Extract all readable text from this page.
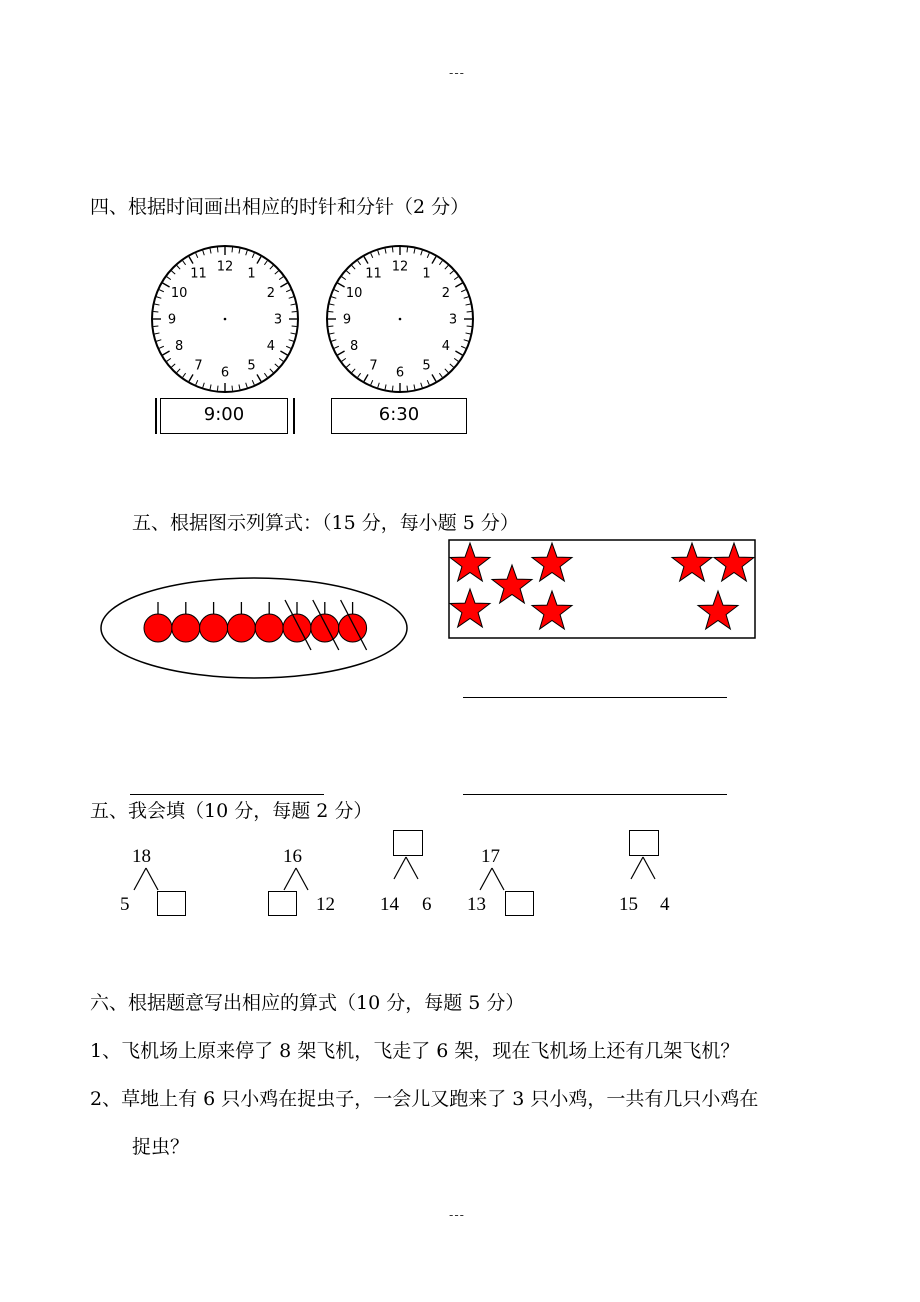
---
---
四、根据时间画出相应的时针和分针（2 分）
12 1
2
3
4
5
6
7
8
9
10
11	12 1
2
3
4
5
6
7
8
9
10
11
9:00	6:30
五、根据图示列算式：（15 分，每小题 5 分）
五、我会填（10 分，每题 2 分）
18
5
16
12 14 6
17
13	15 4
六、根据题意写出相应的算式（10 分，每题 5 分）
1、飞机场上原来停了 8 架飞机，飞走了 6 架，现在飞机场上还有几架飞机？
2、草地上有 6 只小鸡在捉虫子，一会儿又跑来了 3 只小鸡，一共有几只小鸡在
捉虫？
